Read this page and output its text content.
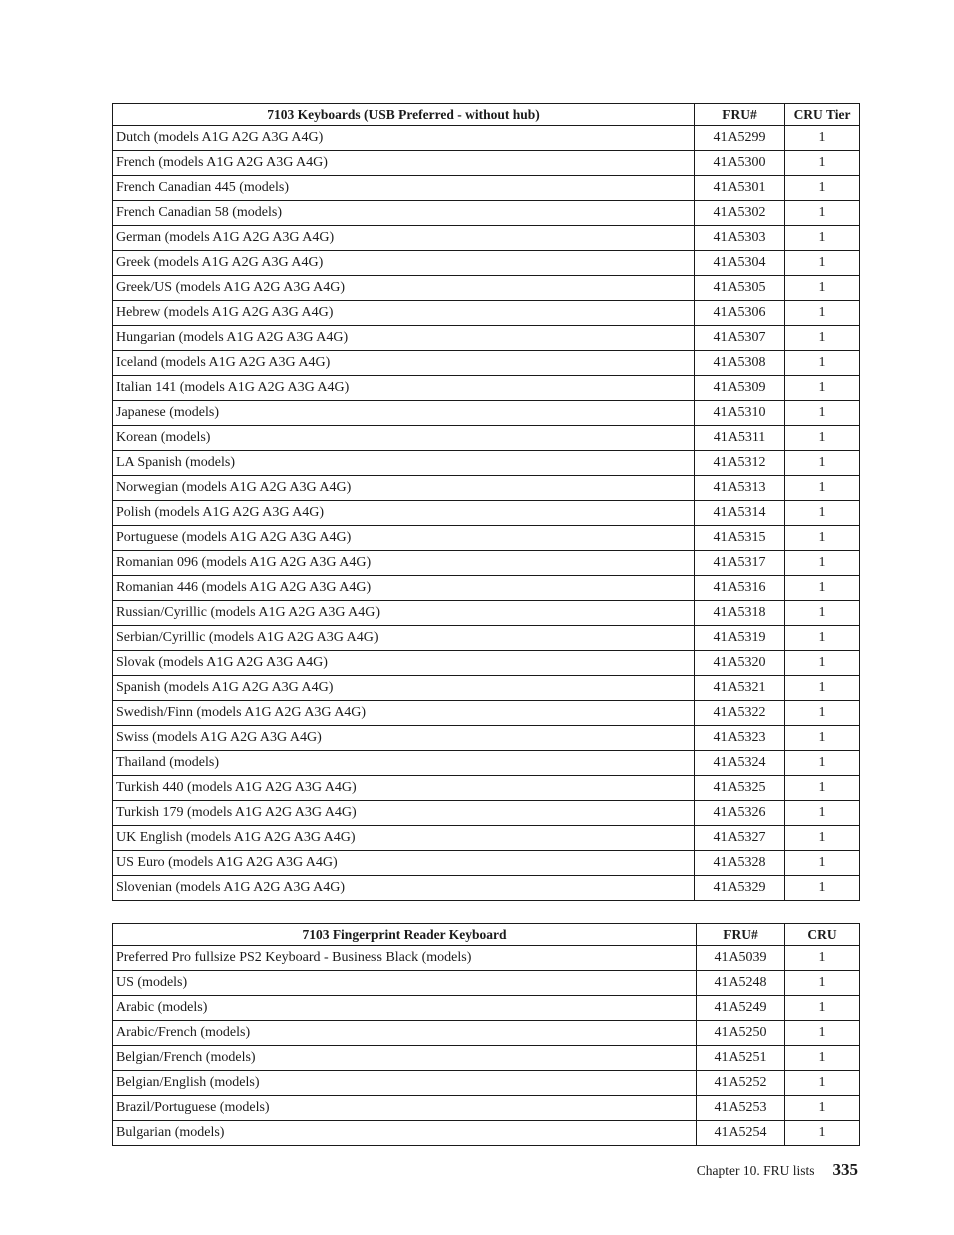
7103 Keyboards (USB Preferred - without hub)	FRU#	CRU Tier
Dutch (models A1G A2G A3G A4G)	41A5299	1
French (models A1G A2G A3G A4G)	41A5300	1
French Canadian 445 (models)	41A5301	1
French Canadian 58 (models)	41A5302	1
German (models A1G A2G A3G A4G)	41A5303	1
Greek (models A1G A2G A3G A4G)	41A5304	1
Greek/US (models A1G A2G A3G A4G)	41A5305	1
Hebrew (models A1G A2G A3G A4G)	41A5306	1
Hungarian (models A1G A2G A3G A4G)	41A5307	1
Iceland (models A1G A2G A3G A4G)	41A5308	1
Italian 141 (models A1G A2G A3G A4G)	41A5309	1
Japanese (models)	41A5310	1
Korean (models)	41A5311	1
LA Spanish (models)	41A5312	1
Norwegian (models A1G A2G A3G A4G)	41A5313	1
Polish (models A1G A2G A3G A4G)	41A5314	1
Portuguese (models A1G A2G A3G A4G)	41A5315	1
Romanian 096 (models A1G A2G A3G A4G)	41A5317	1
Romanian 446 (models A1G A2G A3G A4G)	41A5316	1
Russian/Cyrillic (models A1G A2G A3G A4G)	41A5318	1
Serbian/Cyrillic (models A1G A2G A3G A4G)	41A5319	1
Slovak (models A1G A2G A3G A4G)	41A5320	1
Spanish (models A1G A2G A3G A4G)	41A5321	1
Swedish/Finn (models A1G A2G A3G A4G)	41A5322	1
Swiss (models A1G A2G A3G A4G)	41A5323	1
Thailand (models)	41A5324	1
Turkish 440 (models A1G A2G A3G A4G)	41A5325	1
Turkish 179 (models A1G A2G A3G A4G)	41A5326	1
UK English (models A1G A2G A3G A4G)	41A5327	1
US Euro (models A1G A2G A3G A4G)	41A5328	1
Slovenian (models A1G A2G A3G A4G)	41A5329	1
7103 Fingerprint Reader Keyboard	FRU#	CRU
Preferred Pro fullsize PS2 Keyboard - Business Black (models)	41A5039	1
US (models)	41A5248	1
Arabic (models)	41A5249	1
Arabic/French (models)	41A5250	1
Belgian/French (models)	41A5251	1
Belgian/English (models)	41A5252	1
Brazil/Portuguese (models)	41A5253	1
Bulgarian (models)	41A5254	1
Chapter 10. FRU lists 335
